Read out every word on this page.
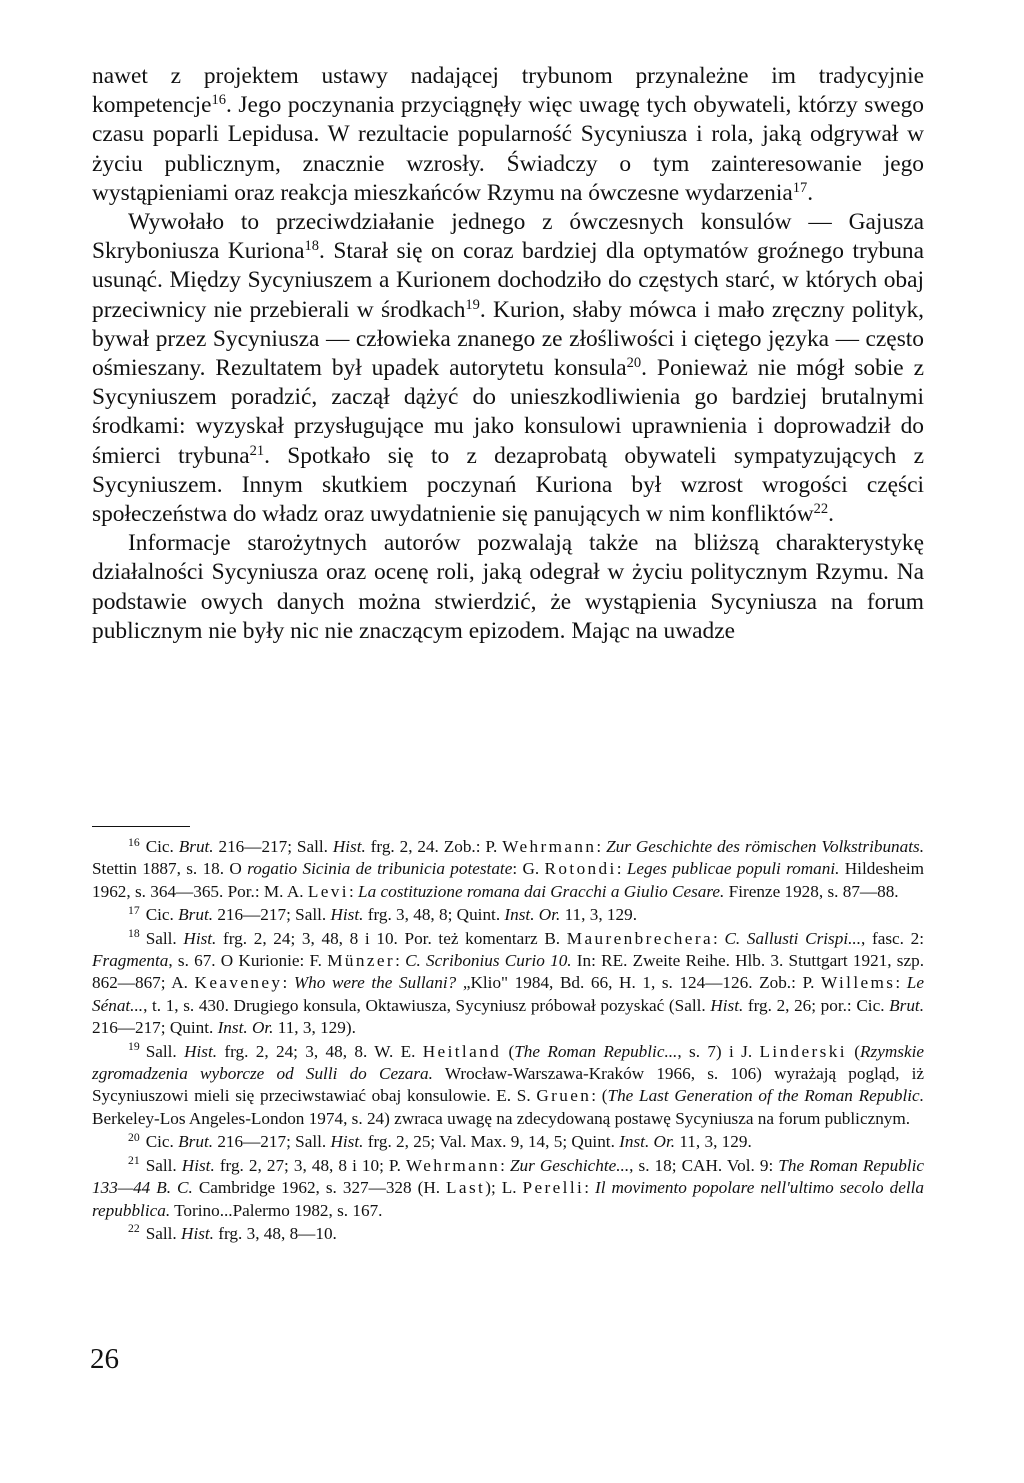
nawet z projektem ustawy nadającej trybunom przynależne im tradycyjnie kompetencje$^{16}$. Jego poczynania przyciągnęły więc uwagę tych obywateli, którzy swego czasu poparli Lepidusa. W rezultacie popularność Sycyniusza i rola, jaką odgrywał w życiu publicznym, znacznie wzrosły. Świadczy o tym zainteresowanie jego wystąpieniami oraz reakcja mieszkańców Rzymu na ówczesne wydarzenia$^{17}$.

Wywołało to przeciwdziałanie jednego z ówczesnych konsulów — Gajusza Skryboniusza Kuriona$^{18}$. Starał się on coraz bardziej dla optymatów groźnego trybuna usunąć. Między Sycyniuszem a Kurionem dochodziło do częstych starć, w których obaj przeciwnicy nie przebierali w środkach$^{19}$. Kurion, słaby mówca i mało zręczny polityk, bywał przez Sycyniusza — człowieka znanego ze złośliwości i ciętego języka — często ośmieszany. Rezultatem był upadek autorytetu konsula$^{20}$. Ponieważ nie mógł sobie z Sycyniuszem poradzić, zaczął dążyć do unieszkodliwienia go bardziej brutalnymi środkami: wyzyskał przysługujące mu jako konsulowi uprawnienia i doprowadził do śmierci trybuna$^{21}$. Spotkało się to z dezaprobatą obywateli sympatyzujących z Sycyniuszem. Innym skutkiem poczynań Kuriona był wzrost wrogości części społeczeństwa do władz oraz uwydatnienie się panujących w nim konfliktów$^{22}$.

Informacje starożytnych autorów pozwalają także na bliższą charakterystykę działalności Sycyniusza oraz ocenę roli, jaką odegrał w życiu politycznym Rzymu. Na podstawie owych danych można stwierdzić, że wystąpienia Sycyniusza na forum publicznym nie były nic nie znaczącym epizodem. Mając na uwadze

$^{16}$ Cic. Brut. 216—217; Sall. Hist. frg. 2, 24. Zob.: P. Wehrmann: Zur Geschichte des römischen Volkstribunats. Stettin 1887, s. 18. O rogatio Sicinia de tribunicia potestate: G. Rotondi: Leges publicae populi romani. Hildesheim 1962, s. 364—365. Por.: M. A. Levi: La costituzione romana dai Gracchi a Giulio Cesare. Firenze 1928, s. 87—88.

$^{17}$ Cic. Brut. 216—217; Sall. Hist. frg. 3, 48, 8; Quint. Inst. Or. 11, 3, 129.

$^{18}$ Sall. Hist. frg. 2, 24; 3, 48, 8 i 10. Por. też komentarz B. Maurenbrechera: C. Sallusti Crispi..., fasc. 2: Fragmenta, s. 67. O Kurionie: F. Münzer: C. Scribonius Curio 10. In: RE. Zweite Reihe. Hlb. 3. Stuttgart 1921, szp. 862—867; A. Keaveney: Who were the Sullani? „Klio" 1984, Bd. 66, H. 1, s. 124—126. Zob.: P. Willems: Le Sénat..., t. 1, s. 430. Drugiego konsula, Oktawiusza, Sycyniusz próbował pozyskać (Sall. Hist. frg. 2, 26; por.: Cic. Brut. 216—217; Quint. Inst. Or. 11, 3, 129).

$^{19}$ Sall. Hist. frg. 2, 24; 3, 48, 8. W. E. Heitland (The Roman Republic..., s. 7) i J. Linderski (Rzymskie zgromadzenia wyborcze od Sulli do Cezara. Wrocław-Warszawa-Kraków 1966, s. 106) wyrażają pogląd, iż Sycyniuszowi mieli się przeciwstawiać obaj konsulowie. E. S. Gruen: (The Last Generation of the Roman Republic. Berkeley-Los Angeles-London 1974, s. 24) zwraca uwagę na zdecydowaną postawę Sycyniusza na forum publicznym.

$^{20}$ Cic. Brut. 216—217; Sall. Hist. frg. 2, 25; Val. Max. 9, 14, 5; Quint. Inst. Or. 11, 3, 129.

$^{21}$ Sall. Hist. frg. 2, 27; 3, 48, 8 i 10; P. Wehrmann: Zur Geschichte..., s. 18; CAH. Vol. 9: The Roman Republic 133—44 B. C. Cambridge 1962, s. 327—328 (H. Last); L. Perelli: Il movimento popolare nell'ultimo secolo della repubblica. Torino...Palermo 1982, s. 167.

$^{22}$ Sall. Hist. frg. 3, 48, 8—10.

26
